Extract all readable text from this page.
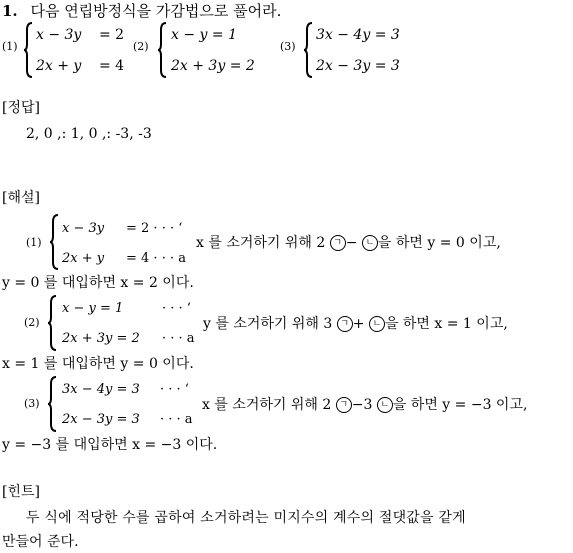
1. 다음 연립방정식을 가감법으로 풀어라.
(1)
x − 3y = 2
2x + y = 4
(2)
x − y = 1
2x + 3y = 2
(3)
3x − 4y = 3
2x − 3y = 3
[정답]
2, 0 ,: 1, 0 ,: -3, -3
[해설]
(1)
x − 3y = 2 · · · ‘
2x + y = 4 · · · a
x 를 소거하기 위해 2 ㄱ − ㄴ 을 하면 y = 0 이고,
y = 0 를 대입하면 x = 2 이다.
(2)
x − y = 1	· · · ‘
2x + 3y = 2 · · · a
y 를 소거하기 위해 3 ㄱ + ㄴ 을 하면 x = 1 이고,
x = 1 를 대입하면 y = 0 이다.
(3)
3x − 4y = 3 · · · ‘
2x − 3y = 3 · · · a
x 를 소거하기 위해 2 ㄱ −3 ㄴ 을 하면 y = −3 이고,
y = −3 를 대입하면 x = −3 이다.
[힌트]
두 식에 적당한 수를 곱하여 소거하려는 미지수의 계수의 절댓값을 같게
만들어 준다.
